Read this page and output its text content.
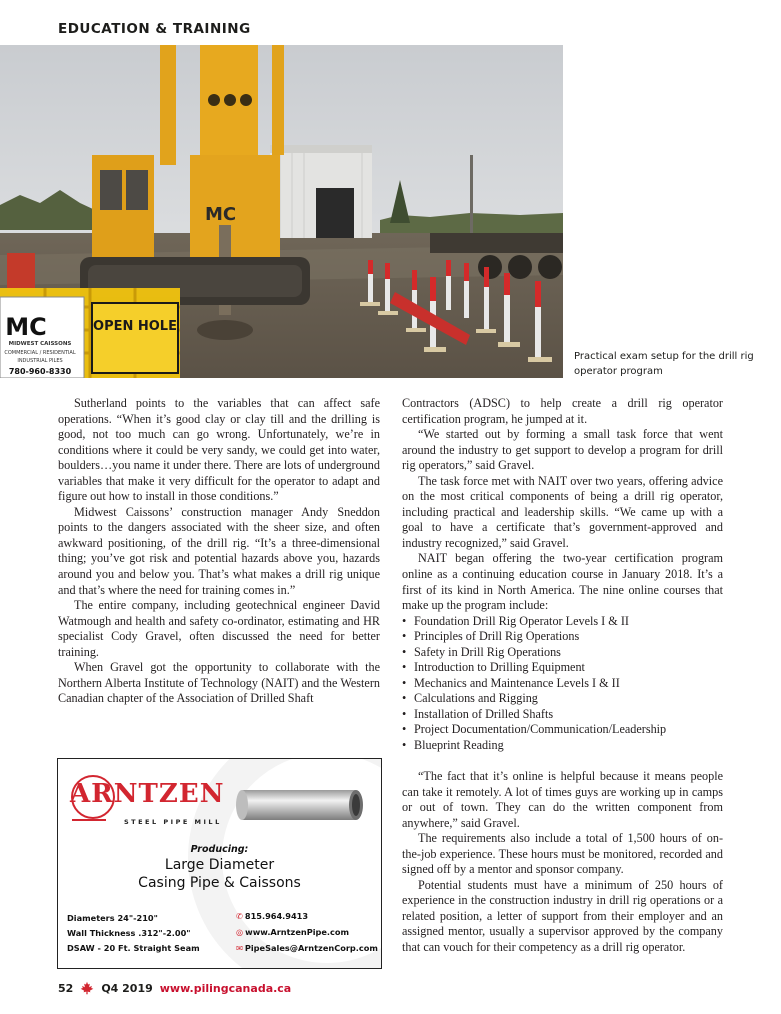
EDUCATION & TRAINING
MC
OPEN HOLE
MC
MIDWEST CAISSONS
COMMERCIAL / RESIDENTIAL
INDUSTRIAL PILES
780-960-8330
Practical exam setup for the drill rig operator program

Sutherland points to the variables that can affect safe operations. “When it’s good clay or clay till and the drilling is good, not too much can go wrong. Unfortunately, we’re in conditions where it could be very sandy, we could get into water, boulders…you name it under there. There are lots of underground variables that make it very difficult for the operator to adapt and figure out how to install in those conditions.”

Midwest Caissons’ construction manager Andy Sneddon points to the dangers associated with the sheer size, and often awkward positioning, of the drill rig. “It’s a three-dimensional thing; you’ve got risk and potential hazards above you, hazards around you and below you. That’s what makes a drill rig unique and that’s where the need for training comes in.”

The entire company, including geotechnical engineer David Watmough and health and safety co-ordinator, estimating and HR specialist Cody Gravel, often discussed the need for better training.

When Gravel got the opportunity to collaborate with the Northern Alberta Institute of Technology (NAIT) and the Western Canadian chapter of the Association of Drilled Shaft

Contractors (ADSC) to help create a drill rig operator certification program, he jumped at it.

“We started out by forming a small task force that went around the industry to get support to develop a program for drill rig operators,” said Gravel.

The task force met with NAIT over two years, offering advice on the most critical components of being a drill rig operator, including practical and leadership skills. “We came up with a goal to have a certificate that’s government-approved and industry recognized,” said Gravel.

NAIT began offering the two-year certification program online as a continuing education course in January 2018. It’s a first of its kind in North America. The nine online courses that make up the program include:

• Foundation Drill Rig Operator Levels I & II
• Principles of Drill Rig Operations
• Safety in Drill Rig Operations
• Introduction to Drilling Equipment
• Mechanics and Maintenance Levels I & II
• Calculations and Rigging
• Installation of Drilled Shafts
• Project Documentation/Communication/Leadership
• Blueprint Reading

“The fact that it’s online is helpful because it means people can take it remotely. A lot of times guys are working up in camps or out of town. They can do the written component from anywhere,” said Gravel.

The requirements also include a total of 1,500 hours of on-the-job experience. These hours must be monitored, recorded and signed off by a mentor and sponsor company.

Potential students must have a minimum of 250 hours of experience in the construction industry in drill rig operations or a related position, a letter of support from their employer and an assigned mentor, usually a supervisor approved by the company that can vouch for their competency as a drill rig operator.

ARNTZEN
STEEL PIPE MILL
Producing:
Large Diameter
Casing Pipe & Caissons
Diameters 24"-210"
Wall Thickness .312"-2.00"
DSAW - 20 Ft. Straight Seam
✆ 815.964.9413
◎ www.ArntzenPipe.com
✉ PipeSales@ArntzenCorp.com
52	Q4 2019 www.pilingcanada.ca
